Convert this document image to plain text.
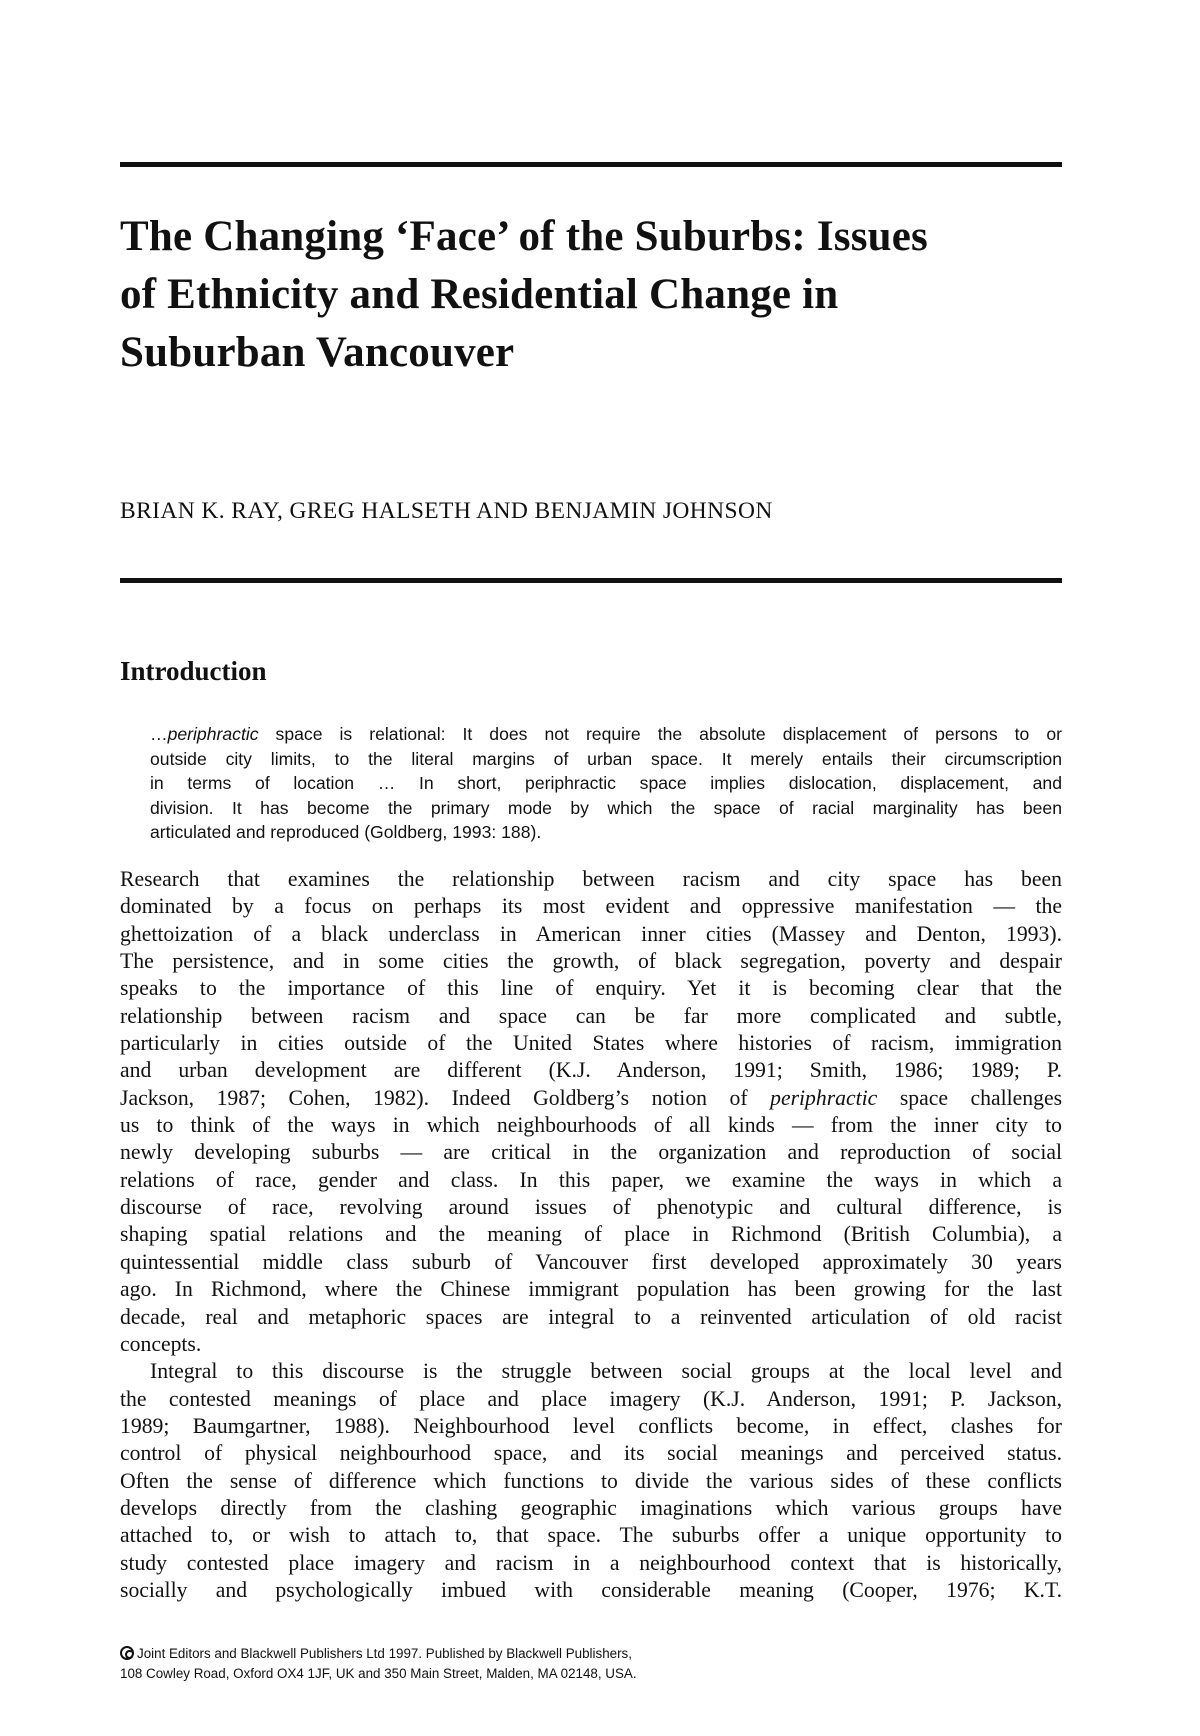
The Changing ‘Face’ of the Suburbs: Issues
of Ethnicity and Residential Change in
Suburban Vancouver

BRIAN K. RAY, GREG HALSETH AND BENJAMIN JOHNSON

Introduction
…periphractic space is relational: It does not require the absolute displacement of persons to or
outside city limits, to the literal margins of urban space. It merely entails their circumscription
in terms of location … In short, periphractic space implies dislocation, displacement, and
division. It has become the primary mode by which the space of racial marginality has been
articulated and reproduced (Goldberg, 1993: 188).
Research that examines the relationship between racism and city space has been
dominated by a focus on perhaps its most evident and oppressive manifestation — the
ghettoization of a black underclass in American inner cities (Massey and Denton, 1993).
The persistence, and in some cities the growth, of black segregation, poverty and despair
speaks to the importance of this line of enquiry. Yet it is becoming clear that the
relationship between racism and space can be far more complicated and subtle,
particularly in cities outside of the United States where histories of racism, immigration
and urban development are different (K.J. Anderson, 1991; Smith, 1986; 1989; P.
Jackson, 1987; Cohen, 1982). Indeed Goldberg’s notion of periphractic space challenges
us to think of the ways in which neighbourhoods of all kinds — from the inner city to
newly developing suburbs — are critical in the organization and reproduction of social
relations of race, gender and class. In this paper, we examine the ways in which a
discourse of race, revolving around issues of phenotypic and cultural difference, is
shaping spatial relations and the meaning of place in Richmond (British Columbia), a
quintessential middle class suburb of Vancouver first developed approximately 30 years
ago. In Richmond, where the Chinese immigrant population has been growing for the last
decade, real and metaphoric spaces are integral to a reinvented articulation of old racist
concepts.
Integral to this discourse is the struggle between social groups at the local level and
the contested meanings of place and place imagery (K.J. Anderson, 1991; P. Jackson,
1989; Baumgartner, 1988). Neighbourhood level conflicts become, in effect, clashes for
control of physical neighbourhood space, and its social meanings and perceived status.
Often the sense of difference which functions to divide the various sides of these conflicts
develops directly from the clashing geographic imaginations which various groups have
attached to, or wish to attach to, that space. The suburbs offer a unique opportunity to
study contested place imagery and racism in a neighbourhood context that is historically,
socially and psychologically imbued with considerable meaning (Cooper, 1976; K.T.
Joint Editors and Blackwell Publishers Ltd 1997. Published by Blackwell Publishers,
108 Cowley Road, Oxford OX4 1JF, UK and 350 Main Street, Malden, MA 02148, USA.
